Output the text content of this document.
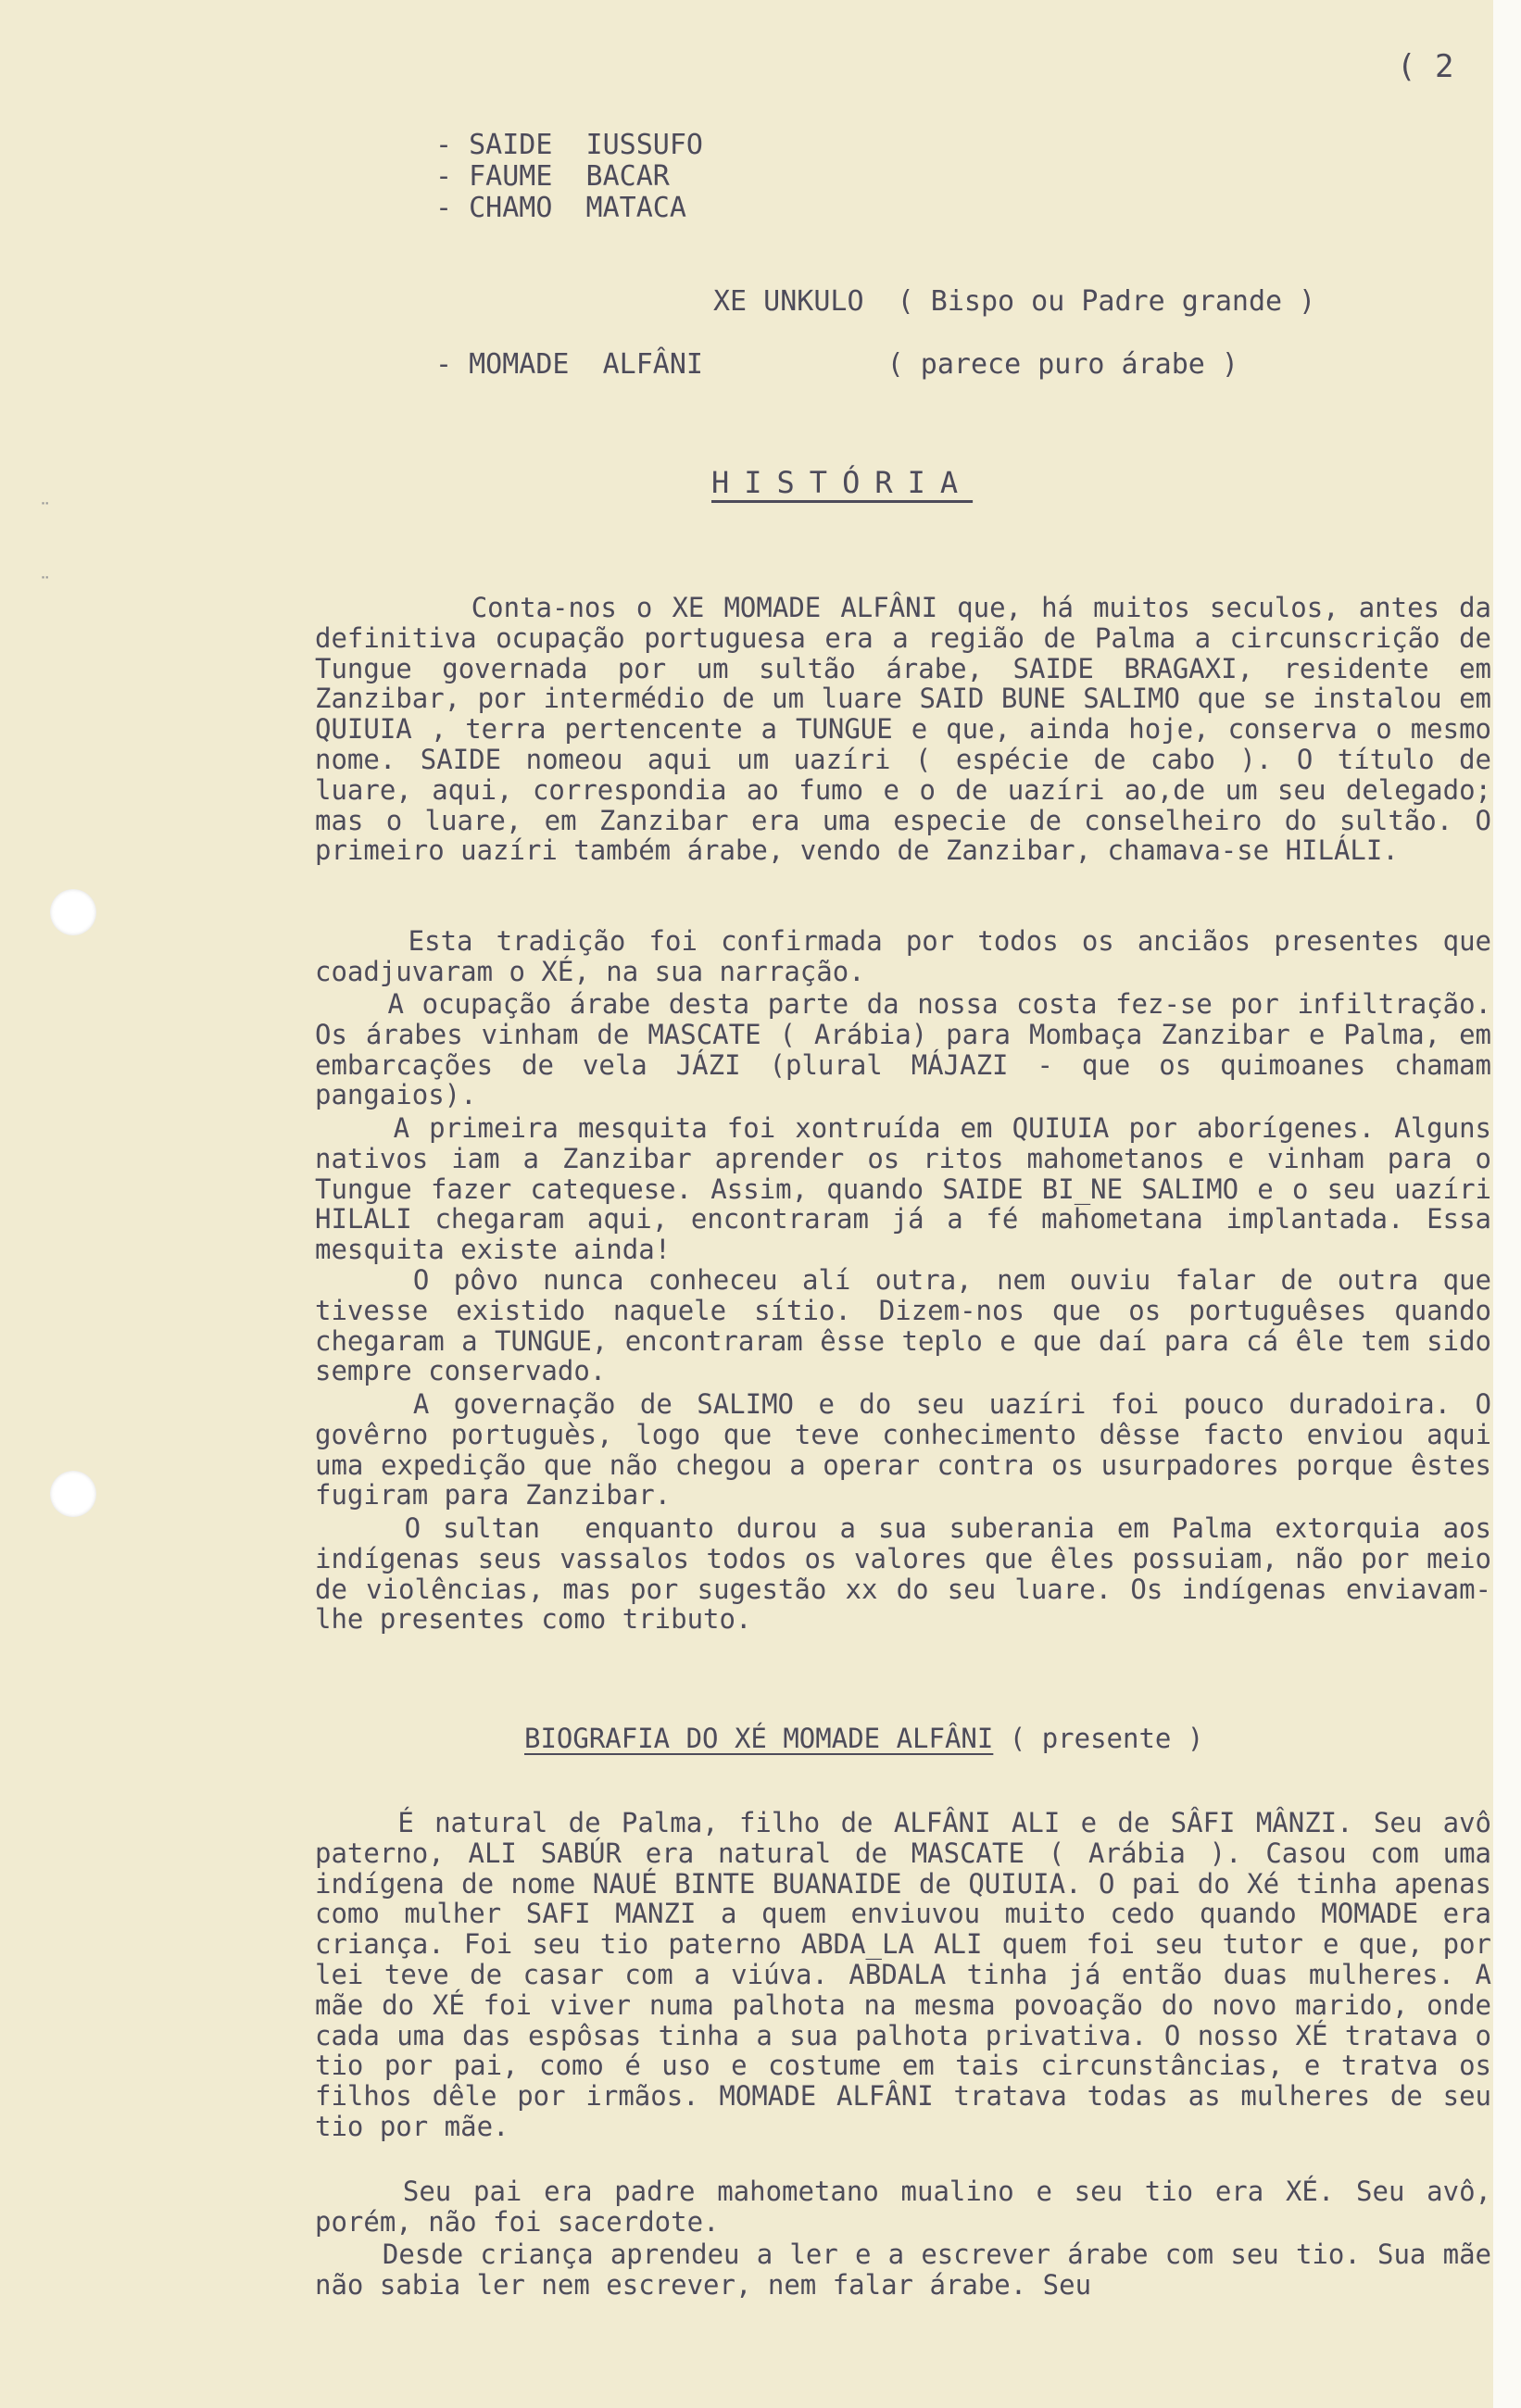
¨
¨
( 2
- SAIDE  IUSSUFO
- FAUME  BACAR
- CHAMO  MATACA
XE UNKULO  ( Bispo ou Padre grande )
- MOMADE  ALFÂNI           ( parece puro árabe )
HISTÓRIA
Conta-nos o XE MOMADE ALFÂNI que, há muitos seculos, antes da definitiva ocupação portuguesa era a região de Palma a circunscrição de Tungue governada por um sultão árabe, SAIDE BRAGAXI, residente em Zanzibar, por intermédio de um luare SAID BUNE SALIMO que se instalou em QUIUIA , terra pertencente a TUNGUE e que, ainda hoje, conserva o mesmo nome. SAIDE nomeou aqui um uazíri ( espécie de cabo ). O título de luare, aqui, correspondia ao fumo e o de uazíri ao,de um seu delegado; mas o luare, em Zanzibar era uma especie de conselheiro do sultão. O primeiro uazíri também árabe, vendo de Zanzibar, chamava-se HILÁLI.
Esta tradição foi confirmada por todos os anciãos presentes que coadjuvaram o XÉ, na sua narração.
A ocupação árabe desta parte da nossa costa fez-se por infiltração. Os árabes vinham de MASCATE ( Arábia) para Mombaça Zanzibar e Palma, em embarcações de vela JÁZI (plural MÁJAZI - que os quimoanes chamam pangaios).
A primeira mesquita foi xontruída em QUIUIA por aborígenes. Alguns nativos iam a Zanzibar aprender os ritos mahometanos e vinham para o Tungue fazer catequese. Assim, quando SAIDE BI_NE SALIMO e o seu uazíri HILALI chegaram aqui, encontraram já a fé mahometana implantada. Essa mesquita existe ainda!
O pôvo nunca conheceu alí outra, nem ouviu falar de outra que tivesse existido naquele sítio. Dizem-nos que os portuguêses quando chegaram a TUNGUE, encontraram êsse teplo e que daí para cá êle tem sido sempre conservado.
A governação de SALIMO e do seu uazíri foi pouco duradoira. O govêrno portuguès, logo que teve conhecimento dêsse facto enviou aqui uma expedição que não chegou a operar contra os usurpadores porque êstes fugiram para Zanzibar.
O sultan  enquanto durou a sua suberania em Palma extorquia aos indígenas seus vassalos todos os valores que êles possuiam, não por meio de violências, mas por sugestão xx do seu luare. Os indígenas enviavam-lhe presentes como tributo.
BIOGRAFIA DO XÉ MOMADE ALFÂNI ( presente )
É natural de Palma, filho de ALFÂNI ALI e de SÂFI MÂNZI. Seu avô paterno, ALI SABÚR era natural de MASCATE ( Arábia ). Casou com uma indígena de nome NAUÉ BINTE BUANAIDE de QUIUIA. O pai do Xé tinha apenas como mulher SAFI MANZI a quem enviuvou muito cedo quando MOMADE era criança. Foi seu tio paterno ABDA_LA ALI quem foi seu tutor e que, por lei teve de casar com a viúva. ABDALA tinha já então duas mulheres. A mãe do XÉ foi viver numa palhota na mesma povoação do novo marido, onde cada uma das espôsas tinha a sua palhota privativa. O nosso XÉ tratava o tio por pai, como é uso e costume em tais circunstâncias, e tratva os filhos dêle por irmãos. MOMADE ALFÂNI tratava todas as mulheres de seu tio por mãe.
Seu pai era padre mahometano mualino e seu tio era XÉ. Seu avô, porém, não foi sacerdote.
Desde criança aprendeu a ler e a escrever árabe com seu tio. Sua mãe não sabia ler nem escrever, nem falar árabe. Seu
